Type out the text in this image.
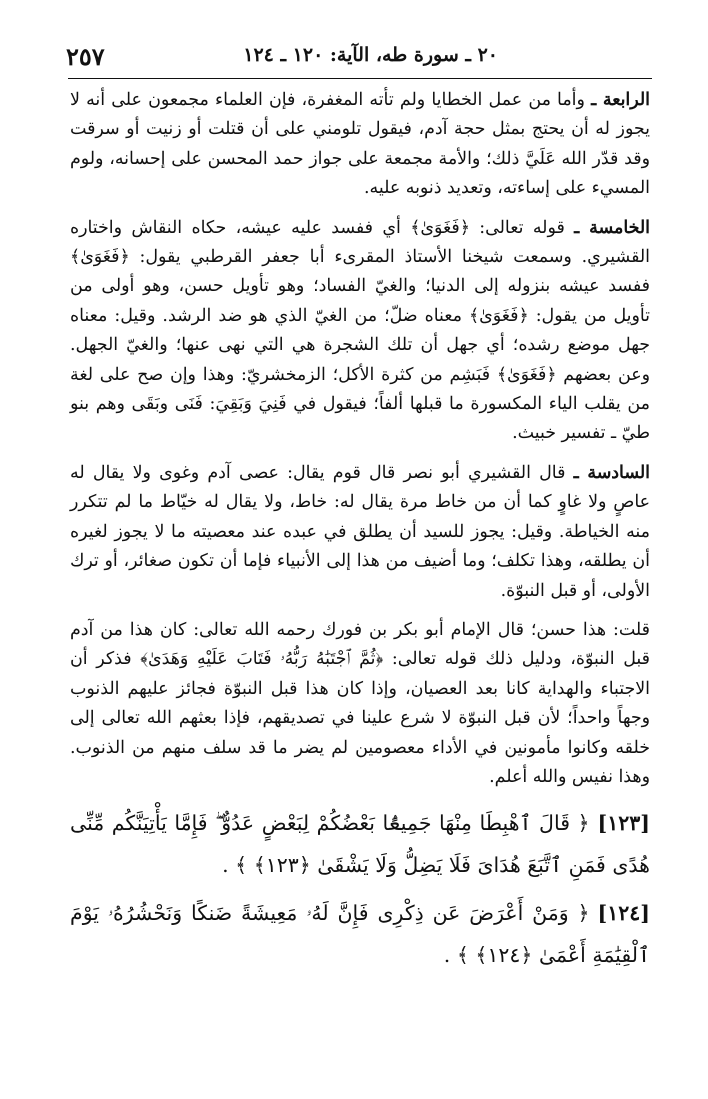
٢٠ ـ سورة طه، الآية: ١٢٠ ـ ١٢٤
٢٥٧

الرابعة ـ وأما من عمل الخطايا ولم تأته المغفرة، فإن العلماء مجمعون على أنه لا يجوز له أن يحتج بمثل حجة آدم، فيقول تلومني على أن قتلت أو زنيت أو سرقت وقد قدّر الله عَلَيَّ ذلك؛ والأمة مجمعة على جواز حمد المحسن على إحسانه، ولوم المسيء على إساءته، وتعديد ذنوبه عليه.

الخامسة ـ قوله تعالى: ﴿فَغَوَىٰ﴾ أي ففسد عليه عيشه، حكاه النقاش واختاره القشيري. وسمعت شيخنا الأستاذ المقرىء أبا جعفر القرطبي يقول: ﴿فَغَوَىٰ﴾ ففسد عيشه بنزوله إلى الدنيا؛ والغيّ الفساد؛ وهو تأويل حسن، وهو أولى من تأويل من يقول: ﴿فَغَوَىٰ﴾ معناه ضلّ؛ من الغيّ الذي هو ضد الرشد. وقيل: معناه جهل موضع رشده؛ أي جهل أن تلك الشجرة هي التي نهى عنها؛ والغيّ الجهل. وعن بعضهم ﴿فَغَوَىٰ﴾ فَبَشِم من كثرة الأكل؛ الزمخشريّ: وهذا وإن صح على لغة من يقلب الياء المكسورة ما قبلها ألفاً؛ فيقول في فَنِيَ وَبَقِيَ: فَنَى وبَقَى وهم بنو طيّ ـ تفسير خبيث.

السادسة ـ قال القشيري أبو نصر قال قوم يقال: عصى آدم وغوى ولا يقال له عاصٍ ولا غاوٍ كما أن من خاط مرة يقال له: خاط، ولا يقال له خيّاط ما لم تتكرر منه الخياطة. وقيل: يجوز للسيد أن يطلق في عبده عند معصيته ما لا يجوز لغيره أن يطلقه، وهذا تكلف؛ وما أضيف من هذا إلى الأنبياء فإما أن تكون صغائر، أو ترك الأولى، أو قبل النبوّة.

قلت: هذا حسن؛ قال الإمام أبو بكر بن فورك رحمه الله تعالى: كان هذا من آدم قبل النبوّة، ودليل ذلك قوله تعالى: ﴿ثُمَّ ٱجْتَبَٰهُ رَبُّهُۥ فَتَابَ عَلَيْهِ وَهَدَىٰ﴾ فذكر أن الاجتباء والهداية كانا بعد العصيان، وإذا كان هذا قبل النبوّة فجائز عليهم الذنوب وجهاً واحداً؛ لأن قبل النبوّة لا شرع علينا في تصديقهم، فإذا بعثهم الله تعالى إلى خلقه وكانوا مأمونين في الأداء معصومين لم يضر ما قد سلف منهم من الذنوب. وهذا نفيس والله أعلم.

[١٢٣]﴿ قَالَ ٱهْبِطَا مِنْهَا جَمِيعًۢا بَعْضُكُمْ لِبَعْضٍ عَدُوٌّ ۖ فَإِمَّا يَأْتِيَنَّكُم مِّنِّى هُدًى فَمَنِ ٱتَّبَعَ هُدَاىَ فَلَا يَضِلُّ وَلَا يَشْقَىٰ ﴿١٢٣﴾ ﴾ .

[١٢٤]﴿ وَمَنْ أَعْرَضَ عَن ذِكْرِى فَإِنَّ لَهُۥ مَعِيشَةً ضَنكًا وَنَحْشُرُهُۥ يَوْمَ ٱلْقِيَٰمَةِ أَعْمَىٰ ﴿١٢٤﴾ ﴾ .
